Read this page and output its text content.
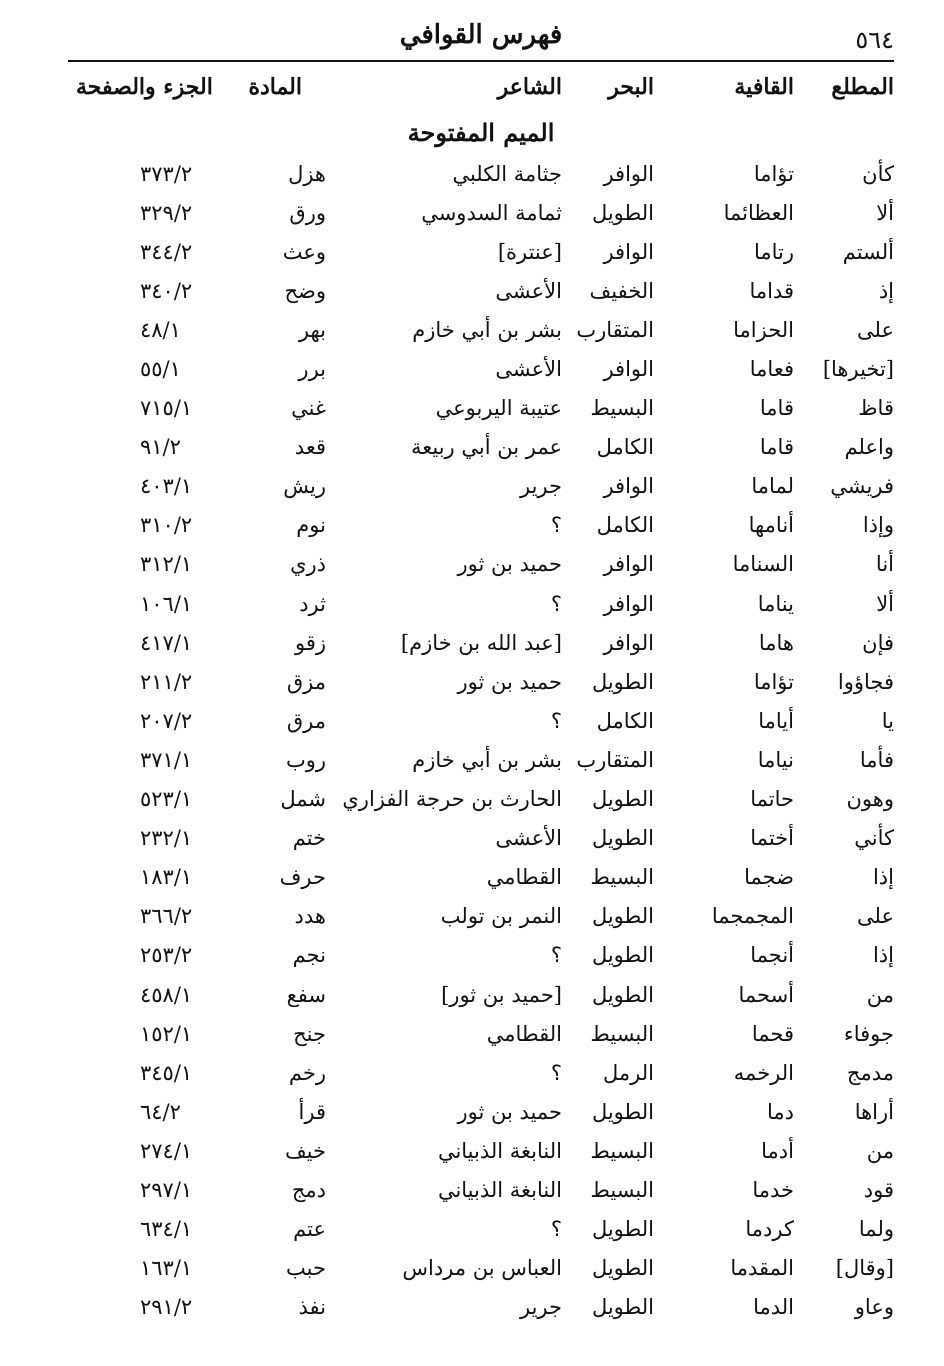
٥٦٤
فهرس القوافي
المطلع
القافية
البحر
الشاعر
المادة
الجزء والصفحة
الميم المفتوحة
كأن
تؤاما
الوافر
جثامة الكلبي
هزل
٣٧٣/٢
ألا
العظائما
الطويل
ثمامة السدوسي
ورق
٣٢٩/٢
ألستم
رتاما
الوافر
[عنترة]
وعث
٣٤٤/٢
إذ
قداما
الخفيف
الأعشى
وضح
٣٤٠/٢
على
الحزاما
المتقارب
بشر بن أبي خازم
بهر
٤٨/١
[تخيرها]
فعاما
الوافر
الأعشى
برر
٥٥/١
قاظ
قاما
البسيط
عتيبة اليربوعي
غني
٧١٥/١
واعلم
قاما
الكامل
عمر بن أبي ربيعة
قعد
٩١/٢
فريشي
لماما
الوافر
جرير
ريش
٤٠٣/١
وإذا
أنامها
الكامل
؟
نوم
٣١٠/٢
أنا
السناما
الوافر
حميد بن ثور
ذري
٣١٢/١
ألا
يناما
الوافر
؟
ثرد
١٠٦/١
فإن
هاما
الوافر
[عبد الله بن خازم]
زقو
٤١٧/١
فجاؤوا
تؤاما
الطويل
حميد بن ثور
مزق
٢١١/٢
يا
أياما
الكامل
؟
مرق
٢٠٧/٢
فأما
نياما
المتقارب
بشر بن أبي خازم
روب
٣٧١/١
وهون
حاتما
الطويل
الحارث بن حرجة الفزاري
شمل
٥٢٣/١
كأني
أختما
الطويل
الأعشى
ختم
٢٣٢/١
إذا
ضجما
البسيط
القطامي
حرف
١٨٣/١
على
المجمجما
الطويل
النمر بن تولب
هدد
٣٦٦/٢
إذا
أنجما
الطويل
؟
نجم
٢٥٣/٢
من
أسحما
الطويل
[حميد بن ثور]
سفع
٤٥٨/١
جوفاء
قحما
البسيط
القطامي
جنح
١٥٢/١
مدمج
الرخمه
الرمل
؟
رخم
٣٤٥/١
أراها
دما
الطويل
حميد بن ثور
قرأ
٦٤/٢
من
أدما
البسيط
النابغة الذبياني
خيف
٢٧٤/١
قود
خدما
البسيط
النابغة الذبياني
دمج
٢٩٧/١
ولما
كردما
الطويل
؟
عتم
٦٣٤/١
[وقال]
المقدما
الطويل
العباس بن مرداس
حبب
١٦٣/١
وعاو
الدما
الطويل
جرير
نفذ
٢٩١/٢
